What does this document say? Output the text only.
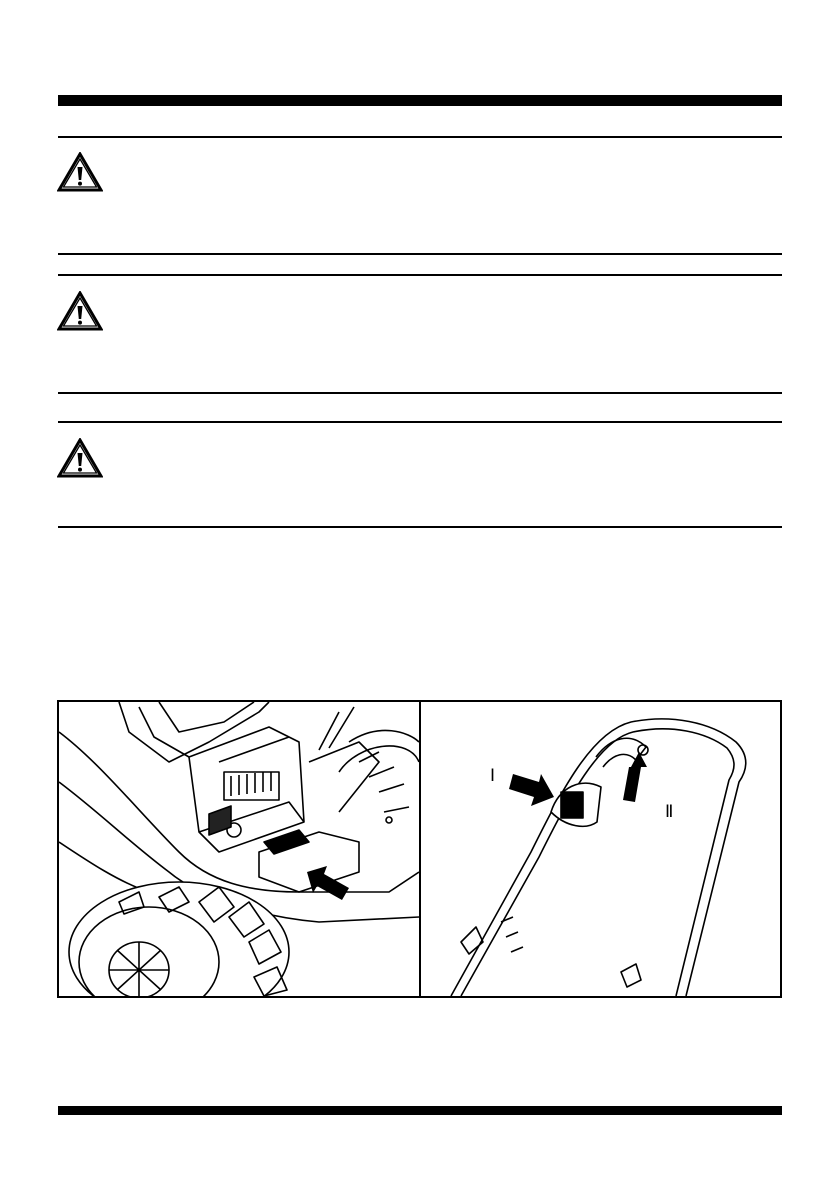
Ⅰ
Ⅱ
